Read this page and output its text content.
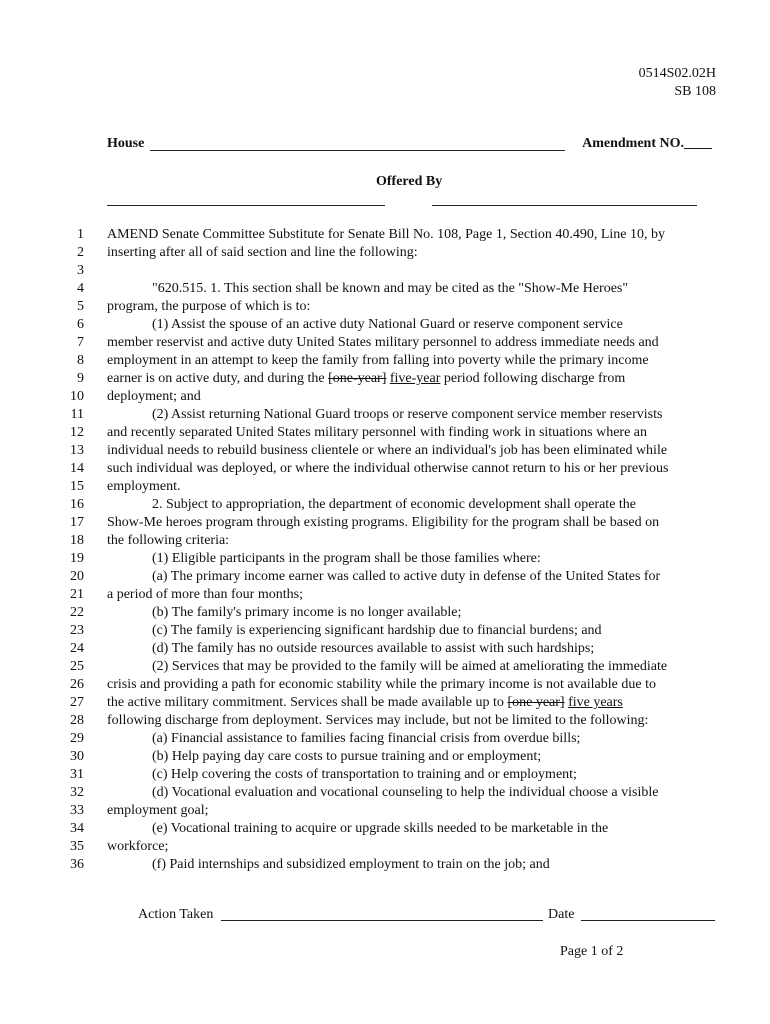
0514S02.02H
SB 108
House	Amendment NO.____
Offered By
1 AMEND Senate Committee Substitute for Senate Bill No. 108, Page 1, Section 40.490, Line 10, by
2 inserting after all of said section and line the following:
3
4	"620.515. 1. This section shall be known and may be cited as the "Show-Me Heroes"
5 program, the purpose of which is to:
6	(1) Assist the spouse of an active duty National Guard or reserve component service
7 member reservist and active duty United States military personnel to address immediate needs and
8 employment in an attempt to keep the family from falling into poverty while the primary income
9 earner is on active duty, and during the [one-year] five-year period following discharge from
10 deployment; and
11	(2) Assist returning National Guard troops or reserve component service member reservists
12 and recently separated United States military personnel with finding work in situations where an
13 individual needs to rebuild business clientele or where an individual's job has been eliminated while
14 such individual was deployed, or where the individual otherwise cannot return to his or her previous
15 employment.
16	2. Subject to appropriation, the department of economic development shall operate the
17 Show-Me heroes program through existing programs. Eligibility for the program shall be based on
18 the following criteria:
19	(1) Eligible participants in the program shall be those families where:
20	(a) The primary income earner was called to active duty in defense of the United States for
21 a period of more than four months;
22	(b) The family's primary income is no longer available;
23	(c) The family is experiencing significant hardship due to financial burdens; and
24	(d) The family has no outside resources available to assist with such hardships;
25	(2) Services that may be provided to the family will be aimed at ameliorating the immediate
26 crisis and providing a path for economic stability while the primary income is not available due to
27 the active military commitment. Services shall be made available up to [one year] five years
28 following discharge from deployment. Services may include, but not be limited to the following:
29	(a) Financial assistance to families facing financial crisis from overdue bills;
30	(b) Help paying day care costs to pursue training and or employment;
31	(c) Help covering the costs of transportation to training and or employment;
32	(d) Vocational evaluation and vocational counseling to help the individual choose a visible
33 employment goal;
34	(e) Vocational training to acquire or upgrade skills needed to be marketable in the
35 workforce;
36	(f) Paid internships and subsidized employment to train on the job; and
Action Taken	Date
Page 1 of 2
